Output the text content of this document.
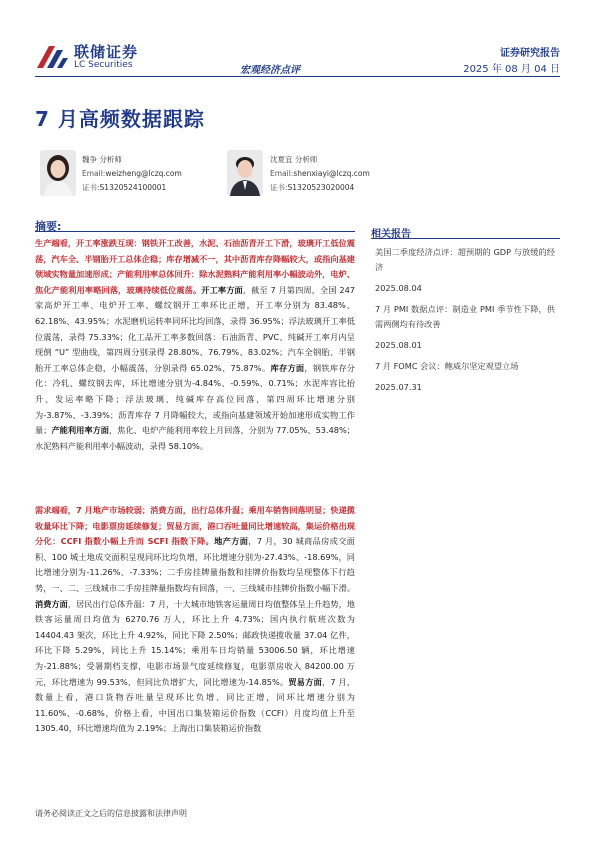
联储证券
LC Securities
证券研究报告
宏观经济点评	2025 年 08 月 04 日
7 月高频数据跟踪
魏争 分析师
Email:weizheng@lczq.com
证书:S1320524100001
沈夏宜 分析师
Email:shenxiayi@lczq.com
证书:S1320523020004
摘要:
生产端看，开工率涨跌互现：钢铁开工改善，水泥、石油沥青开工下滑，玻璃开工低位震荡，汽车全、半钢胎开工总体企稳；库存增减不一，其中沥青库存降幅较大，或指向基建领域实物量加速形成；产能利用率总体回升：除水泥熟料产能利用率小幅波动外，电炉、焦化产能利用率略回落，玻璃持续低位震荡。开工率方面，截至 7 月第四周，全国 247 家高炉开工率、电炉开工率、螺纹钢开工率环比正增，开工率分别为 83.48%、62.18%、43.95%；水泥磨机运转率同环比均回落，录得 36.95%；浮法玻璃开工率低位震荡，录得 75.33%；化工品开工率多数回落：石油沥青、PVC、纯碱开工率月内呈现倒 “U” 型曲线，第四周分别录得 28.80%、76.79%、83.02%；汽车全钢胎、半钢胎开工率总体企稳，小幅震荡，分别录得 65.02%、75.87%。库存方面，钢铁库存分化：冷轧、螺纹钢去库，环比增速分别为-4.84%、-0.59%、0.71%；水泥库容比抬升、发运率略下降；浮法玻璃、纯碱库存高位回落，第四周环比增速分别为-3.87%、-3.39%；沥青库存 7 月降幅较大，或指向基建领域开始加速形成实物工作量；产能利用率方面，焦化、电炉产能利用率较上月回落，分别为 77.05%、53.48%；水泥熟料产能利用率小幅波动，录得 58.10%。
需求端看，7 月地产市场较弱；消费方面，出行总体升温；乘用车销售回落明显；快递揽收量环比下降；电影票房延续修复；贸易方面，港口吞吐量同比增速较高，集运价格出现分化：CCFI 指数小幅上升而 SCFI 指数下降。地产方面，7 月，30 城商品房成交面积、100 城土地成交面积呈现同环比均负增，环比增速分别为-27.43%、-18.69%，同比增速分别为-11.26%、-7.33%；二手房挂牌量指数和挂牌价指数均呈现整体下行趋势，一、二、三线城市二手房挂牌量指数均有回落，一、三线城市挂牌价指数小幅下滑。消费方面，居民出行总体升温：7 月，十大城市地铁客运量周日均值整体呈上升趋势，地铁客运量周日均值为 6270.76 万人，环比上升 4.73%；国内执行航班次数为 14404.43 架次，环比上升 4.92%，同比下降 2.50%；邮政快递揽收量 37.04 亿件，环比下降 5.29%，同比上升 15.14%；乘用车日均销量 53006.50 辆，环比增速为-21.88%；受暑期档支撑，电影市场景气度延续修复，电影票房收入 84200.00 万元，环比增速为 99.53%，但同比负增扩大，同比增速为-14.85%。贸易方面，7 月，数量上看，港口货物吞吐量呈现环比负增、同比正增，同环比增速分别为 11.60%、-0.68%，价格上看，中国出口集装箱运价指数（CCFI）月度均值上升至 1305.40，环比增速均值为 2.19%；上海出口集装箱运价指数
相关报告
美国二季度经济点评：超预期的 GDP 与放缓的经济
2025.08.04
7 月 PMI 数据点评：制造业 PMI 季节性下降，供需两侧均有待改善
2025.08.01
7 月 FOMC 会议：鲍威尔坚定观望立场
2025.07.31
请务必阅读正文之后的信息披露和法律声明
